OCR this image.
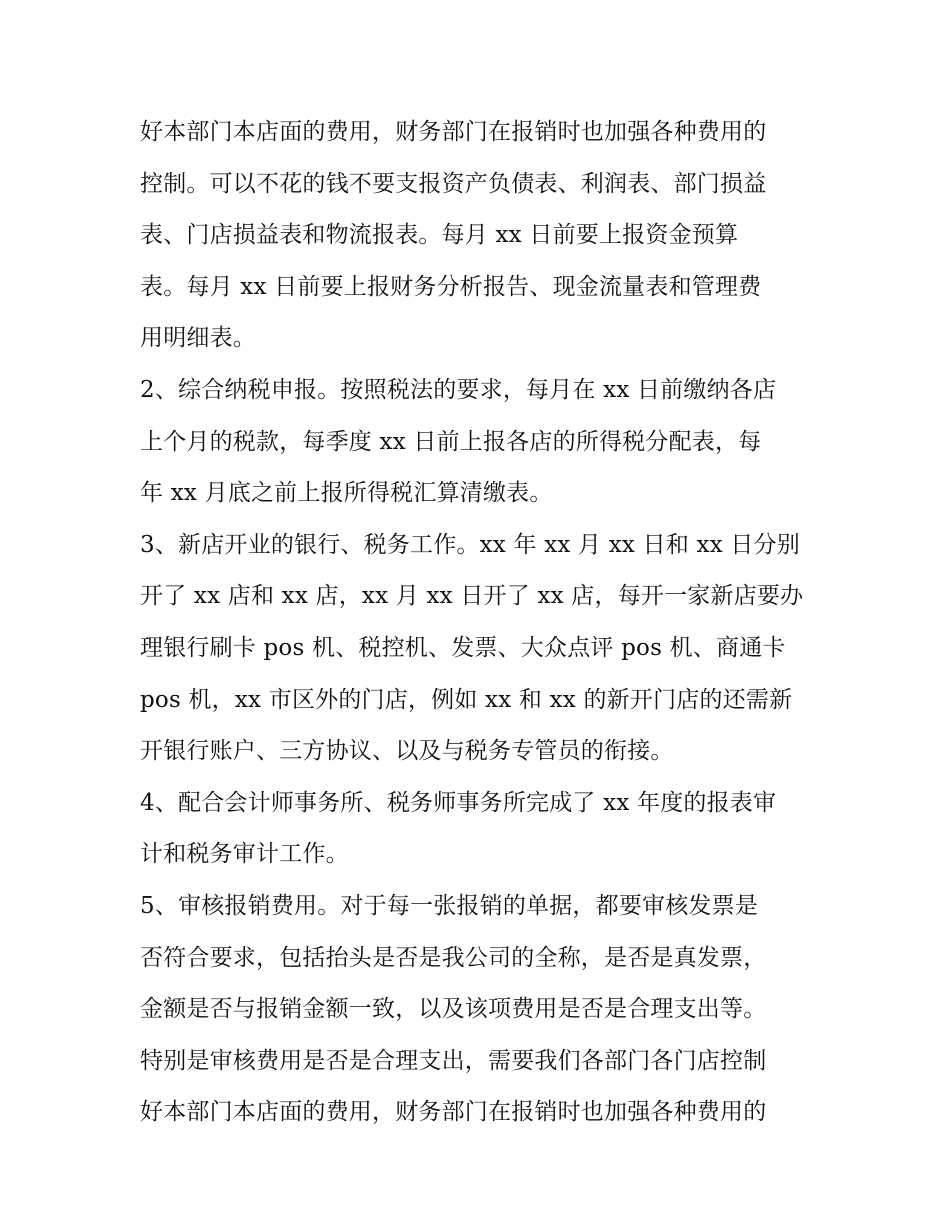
好本部门本店面的费用，财务部门在报销时也加强各种费用的
控制。可以不花的钱不要支报资产负债表、利润表、部门损益
表、门店损益表和物流报表。每月 xx 日前要上报资金预算
表。每月 xx 日前要上报财务分析报告、现金流量表和管理费
用明细表。
2、综合纳税申报。按照税法的要求，每月在 xx 日前缴纳各店
上个月的税款，每季度 xx 日前上报各店的所得税分配表，每
年 xx 月底之前上报所得税汇算清缴表。
3、新店开业的银行、税务工作。xx 年 xx 月 xx 日和 xx 日分别
开了 xx 店和 xx 店，xx 月 xx 日开了 xx 店，每开一家新店要办
理银行刷卡 pos 机、税控机、发票、大众点评 pos 机、商通卡
pos 机，xx 市区外的门店，例如 xx 和 xx 的新开门店的还需新
开银行账户、三方协议、以及与税务专管员的衔接。
4、配合会计师事务所、税务师事务所完成了 xx 年度的报表审
计和税务审计工作。
5、审核报销费用。对于每一张报销的单据，都要审核发票是
否符合要求，包括抬头是否是我公司的全称，是否是真发票，
金额是否与报销金额一致，以及该项费用是否是合理支出等。
特别是审核费用是否是合理支出，需要我们各部门各门店控制
好本部门本店面的费用，财务部门在报销时也加强各种费用的
